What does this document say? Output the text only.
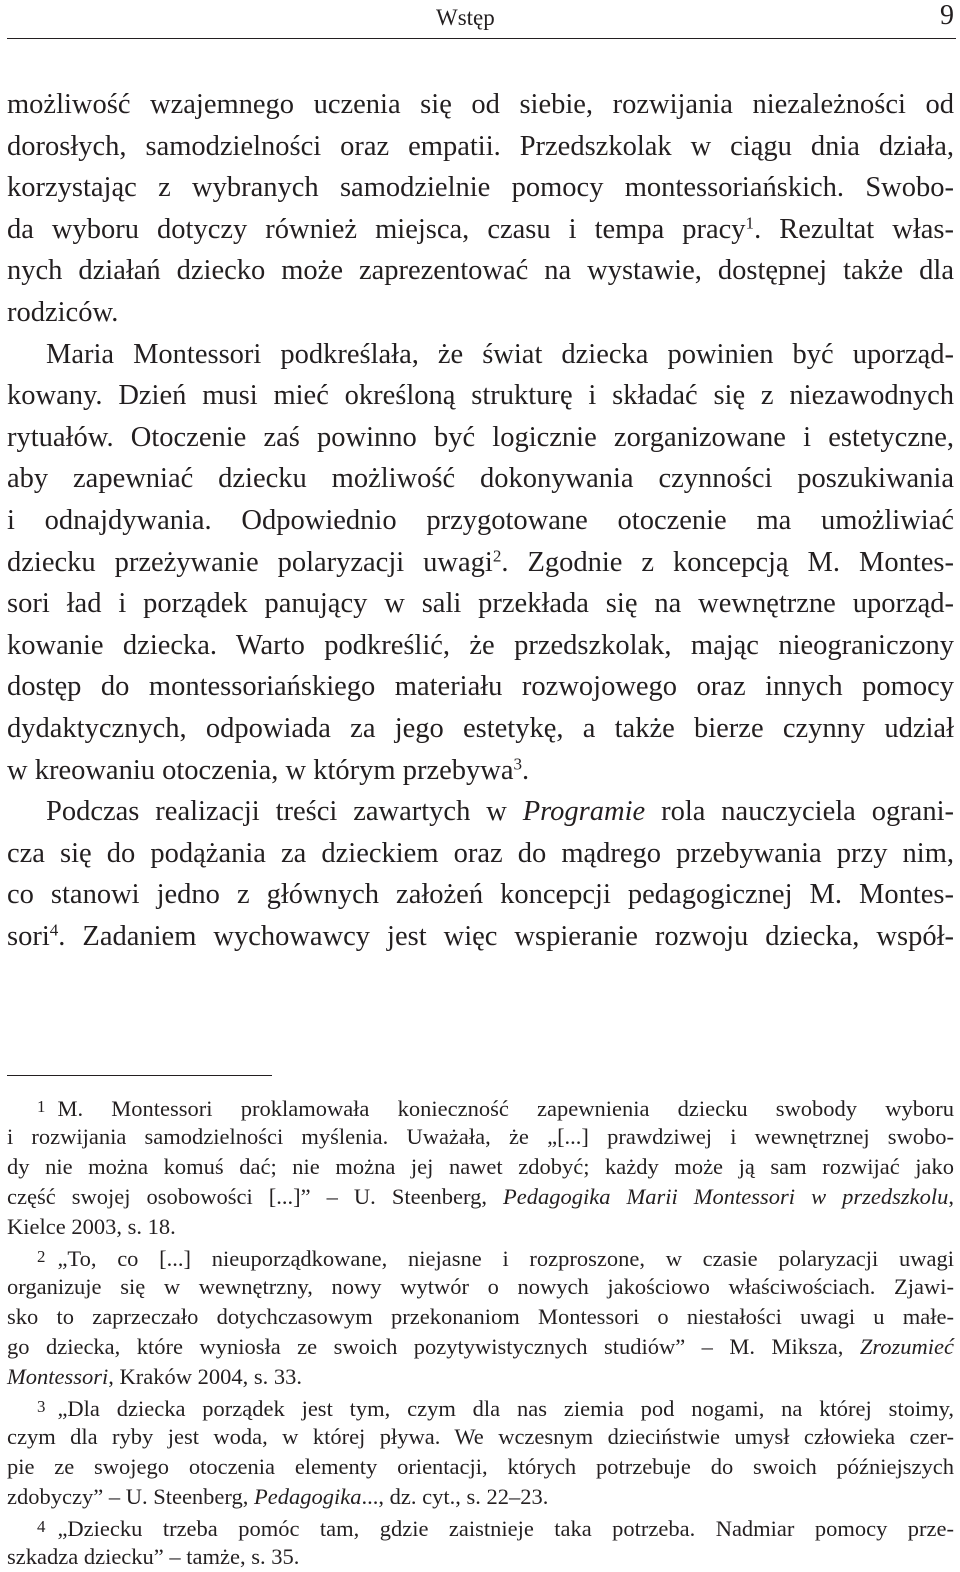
Wstęp	9
możliwość wzajemnego uczenia się od siebie, rozwijania niezależności od
dorosłych, samodzielności oraz empatii. Przedszkolak w ciągu dnia działa,
korzystając z wybranych samodzielnie pomocy montessoriańskich. Swobo-
da wyboru dotyczy również miejsca, czasu i tempa pracy$^1$. Rezultat włas-
nych działań dziecko może zaprezentować na wystawie, dostępnej także dla
rodziców.
Maria Montessori podkreślała, że świat dziecka powinien być uporząd-
kowany. Dzień musi mieć określoną strukturę i składać się z niezawodnych
rytuałów. Otoczenie zaś powinno być logicznie zorganizowane i estetyczne,
aby zapewniać dziecku możliwość dokonywania czynności poszukiwania
i odnajdywania. Odpowiednio przygotowane otoczenie ma umożliwiać
dziecku przeżywanie polaryzacji uwagi$^2$. Zgodnie z koncepcją M. Montes-
sori ład i porządek panujący w sali przekłada się na wewnętrzne uporząd-
kowanie dziecka. Warto podkreślić, że przedszkolak, mając nieograniczony
dostęp do montessoriańskiego materiału rozwojowego oraz innych pomocy
dydaktycznych, odpowiada za jego estetykę, a także bierze czynny udział
w kreowaniu otoczenia, w którym przebywa$^3$.
Podczas realizacji treści zawartych w Programie rola nauczyciela ograni-
cza się do podążania za dzieckiem oraz do mądrego przebywania przy nim,
co stanowi jedno z głównych założeń koncepcji pedagogicznej M. Montes-
sori$^4$. Zadaniem wychowawcy jest więc wspieranie rozwoju dziecka, współ-
1 M. Montessori proklamowała konieczność zapewnienia dziecku swobody wyboru
i rozwijania samodzielności myślenia. Uważała, że „[...] prawdziwej i wewnętrznej swobo-
dy nie można komuś dać; nie można jej nawet zdobyć; każdy może ją sam rozwijać jako
część swojej osobowości [...]” – U. Steenberg, Pedagogika Marii Montessori w przedszkolu,
Kielce 2003, s. 18.
2 „To, co [...] nieuporządkowane, niejasne i rozproszone, w czasie polaryzacji uwagi
organizuje się w wewnętrzny, nowy wytwór o nowych jakościowo właściwościach. Zjawi-
sko to zaprzeczało dotychczasowym przekonaniom Montessori o niestałości uwagi u małe-
go dziecka, które wyniosła ze swoich pozytywistycznych studiów” – M. Miksza, Zrozumieć
Montessori, Kraków 2004, s. 33.
3 „Dla dziecka porządek jest tym, czym dla nas ziemia pod nogami, na której stoimy,
czym dla ryby jest woda, w której pływa. We wczesnym dzieciństwie umysł człowieka czer-
pie ze swojego otoczenia elementy orientacji, których potrzebuje do swoich późniejszych
zdobyczy” – U. Steenberg, Pedagogika..., dz. cyt., s. 22–23.
4 „Dziecku trzeba pomóc tam, gdzie zaistnieje taka potrzeba. Nadmiar pomocy prze-
szkadza dziecku” – tamże, s. 35.
